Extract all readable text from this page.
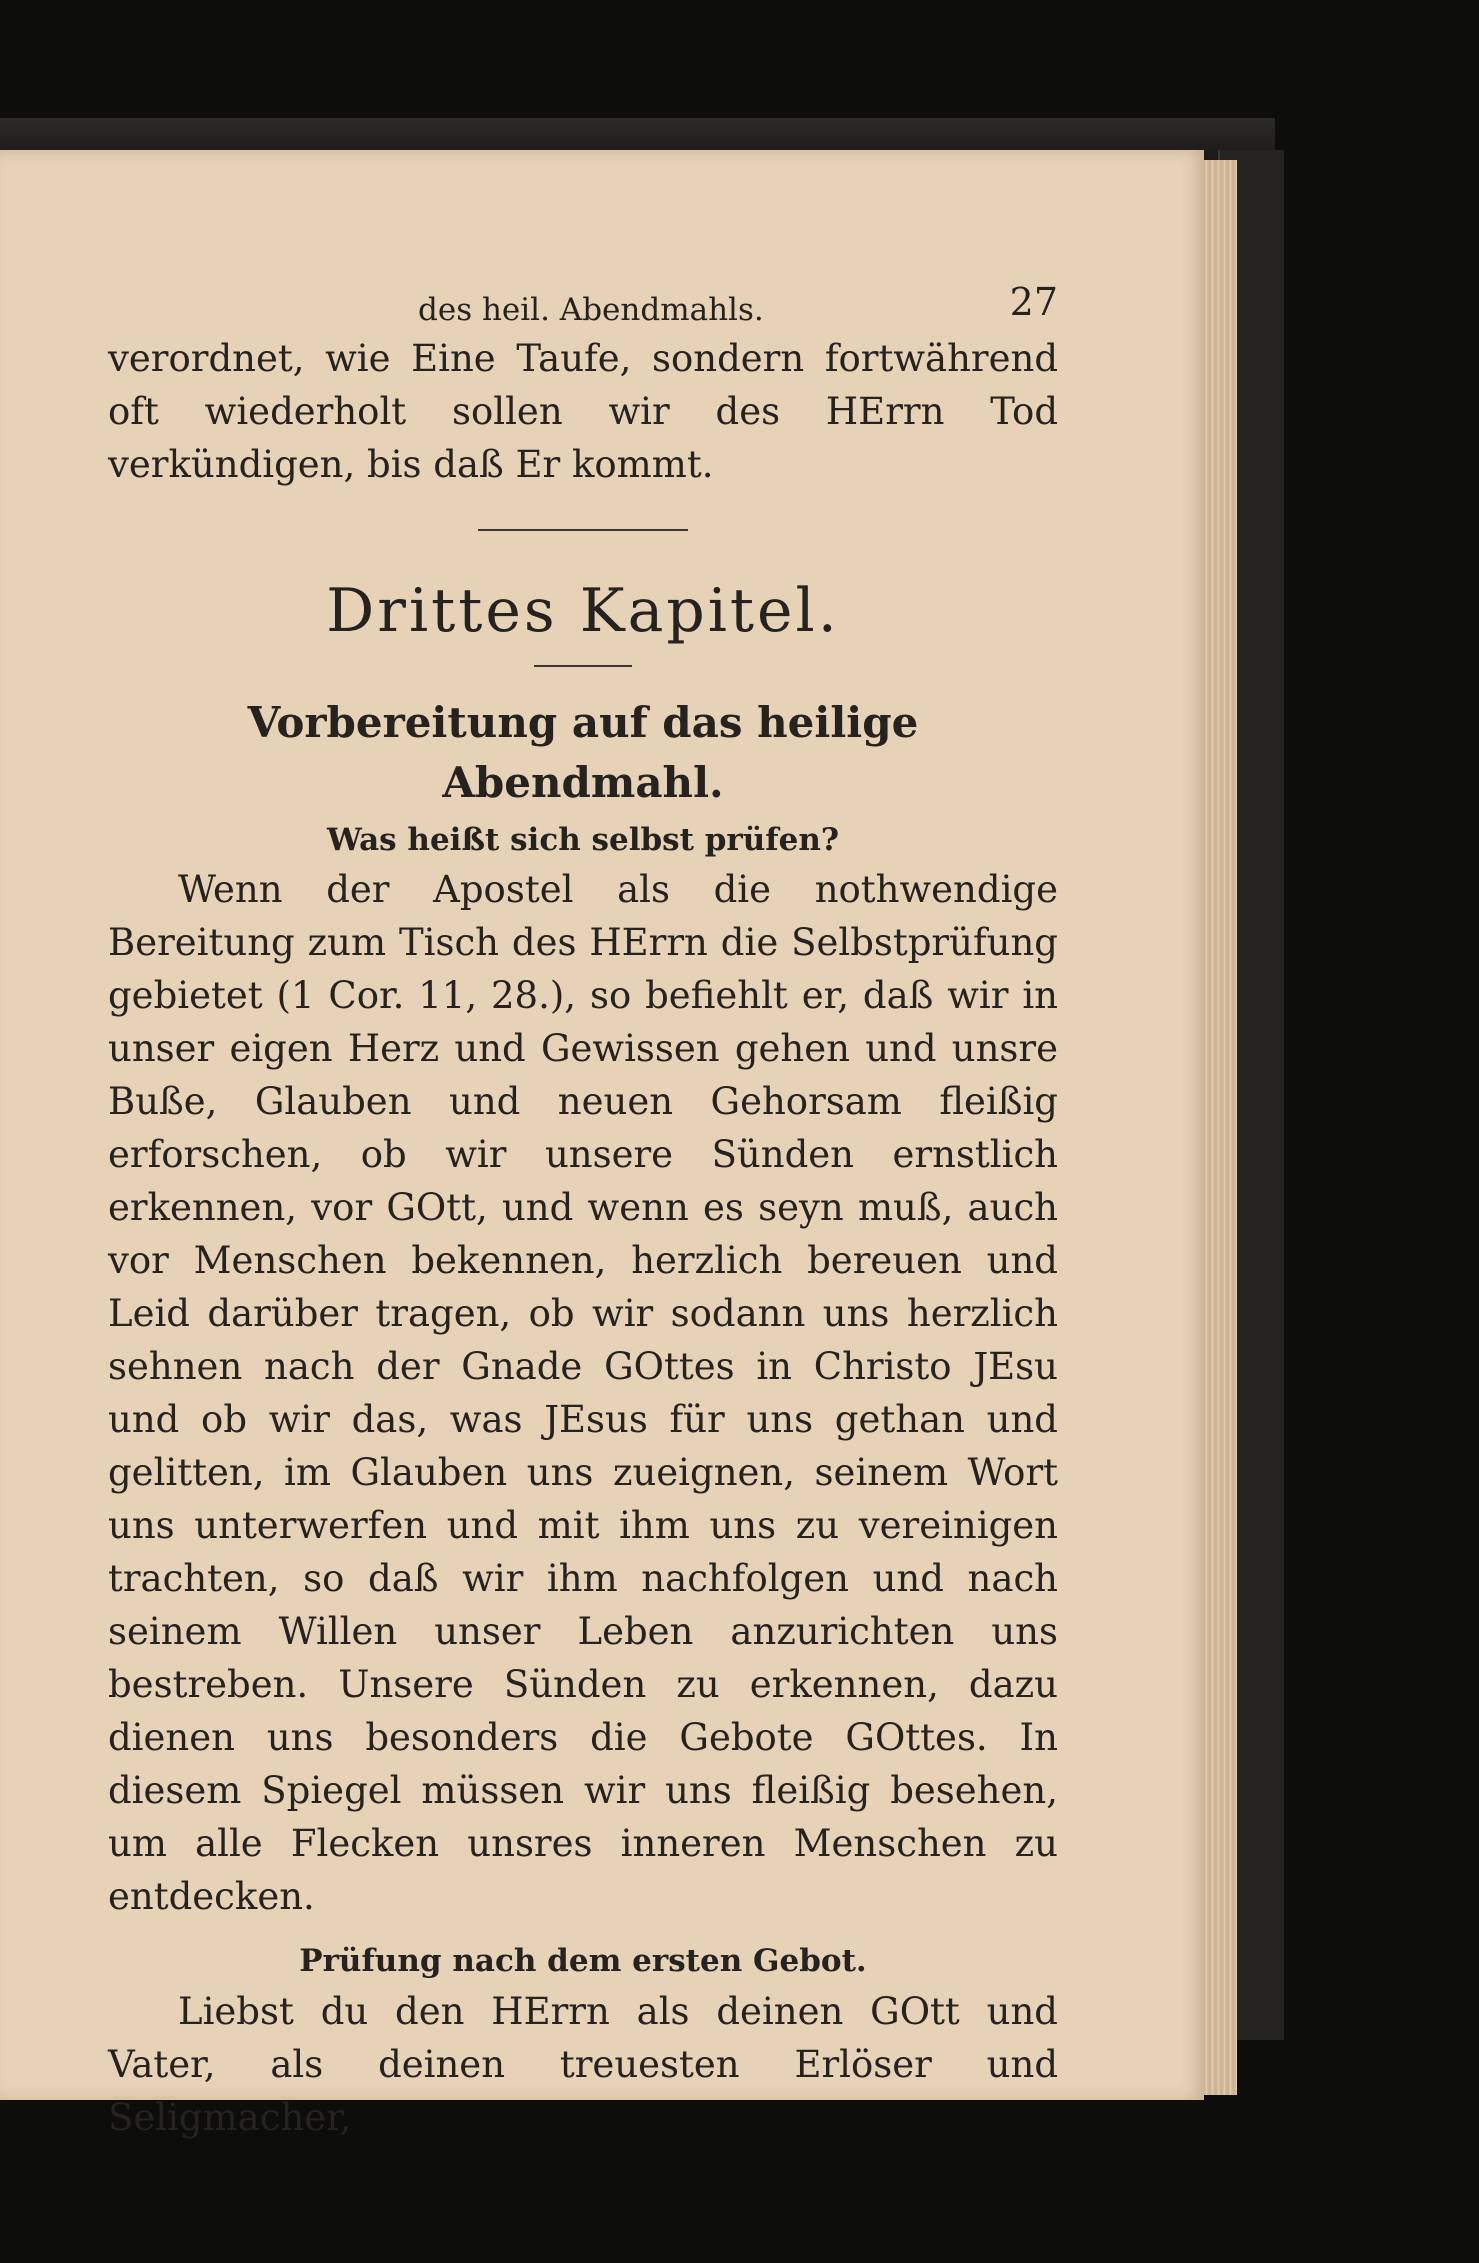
des heil. Abendmahls.	27

verordnet, wie Eine Taufe, sondern fortwährend oft wiederholt sollen wir des HErrn Tod verkündigen, bis daß Er kommt.

Drittes Kapitel.
Vorbereitung auf das heilige Abendmahl.
Was heißt sich selbst prüfen?

Wenn der Apostel als die nothwendige Bereitung zum Tisch des HErrn die Selbstprüfung gebietet (1 Cor. 11, 28.), so befiehlt er, daß wir in unser eigen Herz und Gewissen gehen und unsre Buße, Glauben und neuen Gehorsam fleißig erforschen, ob wir unsere Sünden ernstlich erkennen, vor GOtt, und wenn es seyn muß, auch vor Menschen bekennen, herzlich bereuen und Leid darüber tragen, ob wir sodann uns herzlich sehnen nach der Gnade GOttes in Christo JEsu und ob wir das, was JEsus für uns gethan und gelitten, im Glauben uns zueignen, seinem Wort uns unterwerfen und mit ihm uns zu vereinigen trachten, so daß wir ihm nachfolgen und nach seinem Willen unser Leben anzurichten uns bestreben. Unsere Sünden zu erkennen, dazu dienen uns besonders die Gebote GOttes. In diesem Spiegel müssen wir uns fleißig besehen, um alle Flecken unsres inneren Menschen zu entdecken.

Prüfung nach dem ersten Gebot.

Liebst du den HErrn als deinen GOtt und Vater, als deinen treuesten Erlöser und Seligmacher,
